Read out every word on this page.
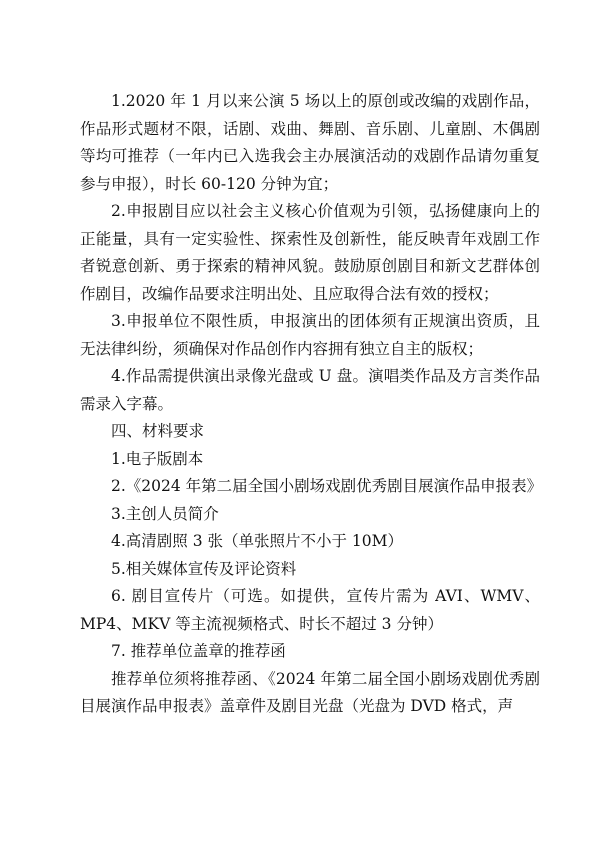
1.2020 年 1 月以来公演 5 场以上的原创或改编的戏剧作品，作品形式题材不限，话剧、戏曲、舞剧、音乐剧、儿童剧、木偶剧等均可推荐（一年内已入选我会主办展演活动的戏剧作品请勿重复参与申报），时长 60-120 分钟为宜；

2.申报剧目应以社会主义核心价值观为引领，弘扬健康向上的正能量，具有一定实验性、探索性及创新性，能反映青年戏剧工作者锐意创新、勇于探索的精神风貌。鼓励原创剧目和新文艺群体创作剧目，改编作品要求注明出处、且应取得合法有效的授权；

3.申报单位不限性质，申报演出的团体须有正规演出资质，且无法律纠纷，须确保对作品创作内容拥有独立自主的版权；

4.作品需提供演出录像光盘或 U 盘。演唱类作品及方言类作品需录入字幕。

四、材料要求

1.电子版剧本

2.《2024 年第二届全国小剧场戏剧优秀剧目展演作品申报表》

3.主创人员简介

4.高清剧照 3 张（单张照片不小于 10M）

5.相关媒体宣传及评论资料

6. 剧目宣传片（可选。如提供，宣传片需为 AVI、WMV、MP4、MKV 等主流视频格式、时长不超过 3 分钟）

7. 推荐单位盖章的推荐函

推荐单位须将推荐函、《2024 年第二届全国小剧场戏剧优秀剧目展演作品申报表》盖章件及剧目光盘（光盘为 DVD 格式，声
